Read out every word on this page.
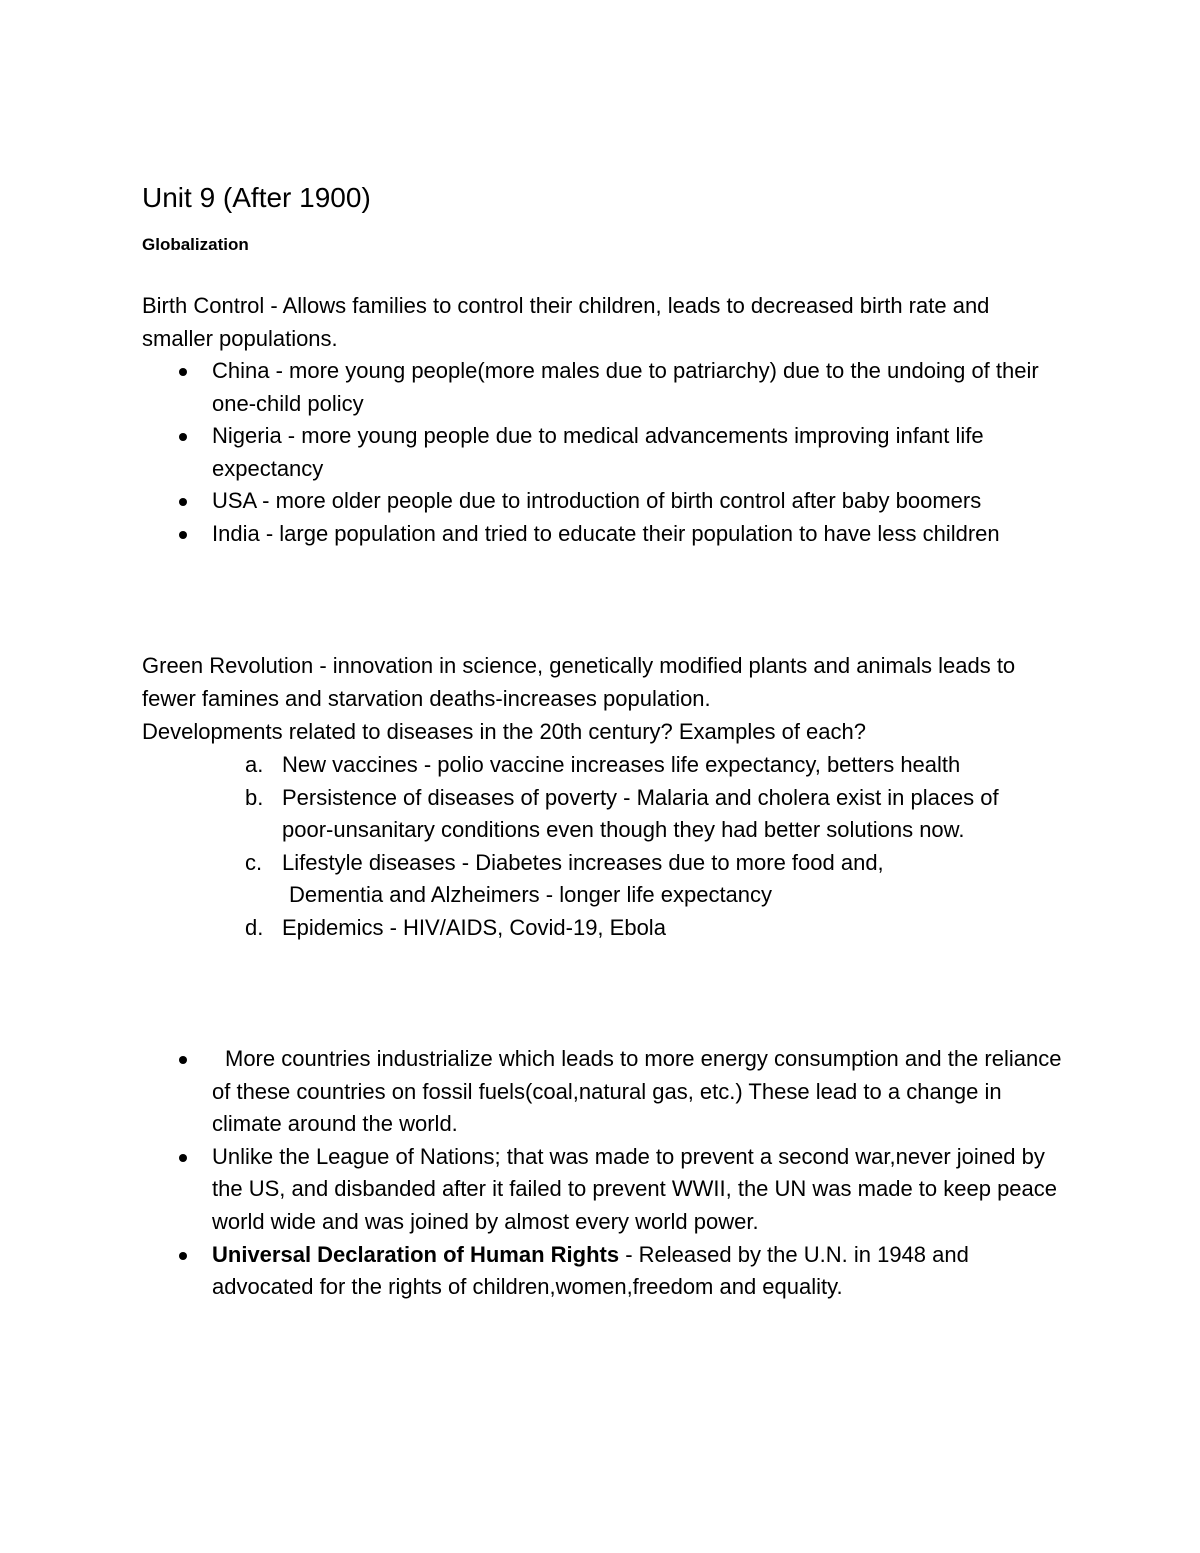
Unit 9 (After 1900)
Globalization

Birth Control - Allows families to control their children, leads to decreased birth rate and smaller populations.

China - more young people(more males due to patriarchy) due to the undoing of their one-child policy
Nigeria - more young people due to medical advancements improving infant life expectancy
USA - more older people due to introduction of birth control after baby boomers
India - large population and tried to educate their population to have less children

Green Revolution - innovation in science, genetically modified plants and animals leads to fewer famines and starvation deaths-increases population.

Developments related to diseases in the 20th century? Examples of each?

a. New vaccines - polio vaccine increases life expectancy, betters health
b. Persistence of diseases of poverty - Malaria and cholera exist in places of poor-unsanitary conditions even though they had better solutions now.
c. Lifestyle diseases - Diabetes increases due to more food and,
Dementia and Alzheimers - longer life expectancy
d. Epidemics - HIV/AIDS, Covid-19, Ebola
More countries industrialize which leads to more energy consumption and the reliance of these countries on fossil fuels(coal,natural gas, etc.) These lead to a change in climate around the world.
Unlike the League of Nations; that was made to prevent a second war,never joined by the US, and disbanded after it failed to prevent WWII, the UN was made to keep peace world wide and was joined by almost every world power.
Universal Declaration of Human Rights - Released by the U.N. in 1948 and advocated for the rights of children,women,freedom and equality.
